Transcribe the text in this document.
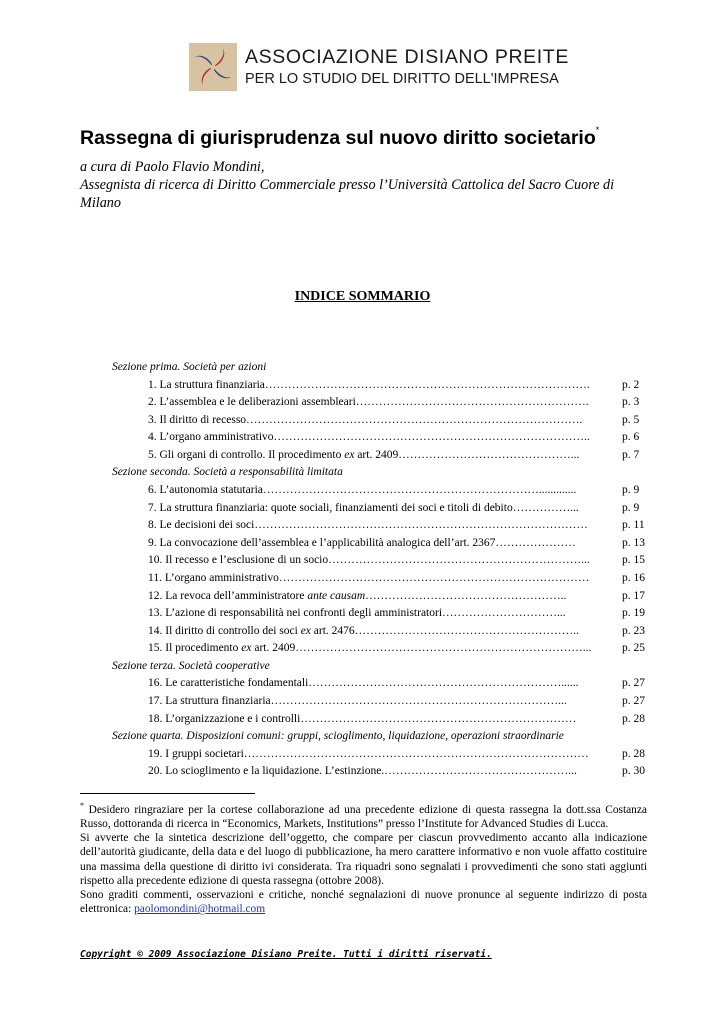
ASSOCIAZIONE DISIANO PREITE
PER LO STUDIO DEL DIRITTO DELL'IMPRESA
Rassegna di giurisprudenza sul nuovo diritto societario*
a cura di Paolo Flavio Mondini,
Assegnista di ricerca di Diritto Commerciale presso l’Università Cattolica del Sacro Cuore di Milano
INDICE SOMMARIO
Sezione prima. Società per azioni
1. La struttura finanziaria………………………………………………………………………….	p. 2
2. L’assemblea e le deliberazioni assembleari…………………………………………………….	p. 3
3. Il diritto di recesso…………………………………………………………………………….	p. 5
4. L’organo amministrativo………………………………………………………………………..	p. 6
5. Gli organi di controllo. Il procedimento ex art. 2409………………………………………...	p. 7
Sezione seconda. Società a responsabilità limitata
6. L’autonomia statutaria……………………………………………………………….............	p. 9
7. La struttura finanziaria: quote sociali, finanziamenti dei soci e titoli di debito……………...	p. 9
8. Le decisioni dei soci……………………………………………………………………………	p. 11
9. La convocazione dell’assemblea e l’applicabilità analogica dell’art. 2367…………………	p. 13
10. Il recesso e l’esclusione di un socio…………………………………………………………...	p. 15
11. L’organo amministrativo………………………………………………………………………	p. 16
12. La revoca dell’amministratore ante causam……………………………………………..	p. 17
13. L’azione di responsabilità nei confronti degli amministratori…………………………...	p. 19
14. Il diritto di controllo dei soci ex art. 2476…………………………………………………..	p. 23
15. Il procedimento ex art. 2409…………………………………………………………………...	p. 25
Sezione terza. Società cooperative
16. Le caratteristiche fondamentali…………………………………………………………......	p. 27
17. La struttura finanziaria…………………………………………………………………...	p. 27
18. L’organizzazione e i controlli………………………………………………………………	p. 28
Sezione quarta. Disposizioni comuni: gruppi, scioglimento, liquidazione, operazioni straordinarie
19. I gruppi societari………………………………………………………………………………	p. 28
20. Lo scioglimento e la liquidazione. L’estinzione.…………………………………………...	p. 30

* Desidero ringraziare per la cortese collaborazione ad una precedente edizione di questa rassegna la dott.ssa Costanza Russo, dottoranda di ricerca in “Economics, Markets, Institutions” presso l’Institute for Advanced Studies di Lucca.

Si avverte che la sintetica descrizione dell’oggetto, che compare per ciascun provvedimento accanto alla indicazione dell’autorità giudicante, della data e del luogo di pubblicazione, ha mero carattere informativo e non vuole affatto costituire una massima della questione di diritto ivi considerata. Tra riquadri sono segnalati i provvedimenti che sono stati aggiunti rispetto alla precedente edizione di questa rassegna (ottobre 2008).

Sono graditi commenti, osservazioni e critiche, nonché segnalazioni di nuove pronunce al seguente indirizzo di posta elettronica: paolomondini@hotmail.com

Copyright © 2009 Associazione Disiano Preite. Tutti i diritti riservati.
